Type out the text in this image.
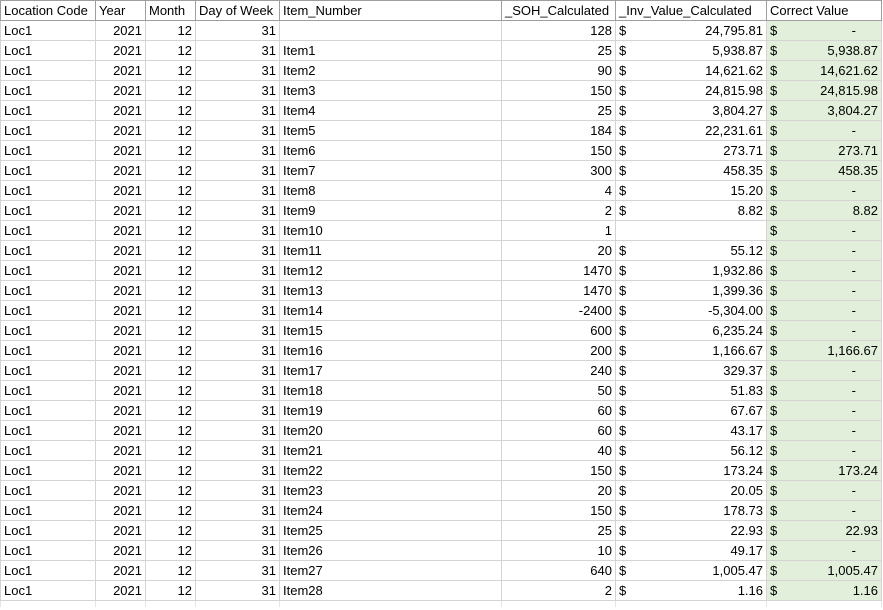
Location Code	Year	Month	Day of Week	Item_Number	_SOH_Calculated	_Inv_Value_Calculated	Correct Value
Loc1	2021	12	31		128	$ 24,795.81	$ -
Loc1	2021	12	31	Item1	25	$ 5,938.87	$ 5,938.87
Loc1	2021	12	31	Item2	90	$ 14,621.62	$ 14,621.62
Loc1	2021	12	31	Item3	150	$ 24,815.98	$ 24,815.98
Loc1	2021	12	31	Item4	25	$ 3,804.27	$ 3,804.27
Loc1	2021	12	31	Item5	184	$ 22,231.61	$ -
Loc1	2021	12	31	Item6	150	$ 273.71	$ 273.71
Loc1	2021	12	31	Item7	300	$ 458.35	$ 458.35
Loc1	2021	12	31	Item8	4	$ 15.20	$ -
Loc1	2021	12	31	Item9	2	$ 8.82	$ 8.82
Loc1	2021	12	31	Item10	1		$ -
Loc1	2021	12	31	Item11	20	$ 55.12	$ -
Loc1	2021	12	31	Item12	1470	$ 1,932.86	$ -
Loc1	2021	12	31	Item13	1470	$ 1,399.36	$ -
Loc1	2021	12	31	Item14	-2400	$ -5,304.00	$ -
Loc1	2021	12	31	Item15	600	$ 6,235.24	$ -
Loc1	2021	12	31	Item16	200	$ 1,166.67	$ 1,166.67
Loc1	2021	12	31	Item17	240	$ 329.37	$ -
Loc1	2021	12	31	Item18	50	$ 51.83	$ -
Loc1	2021	12	31	Item19	60	$ 67.67	$ -
Loc1	2021	12	31	Item20	60	$ 43.17	$ -
Loc1	2021	12	31	Item21	40	$ 56.12	$ -
Loc1	2021	12	31	Item22	150	$ 173.24	$ 173.24
Loc1	2021	12	31	Item23	20	$ 20.05	$ -
Loc1	2021	12	31	Item24	150	$ 178.73	$ -
Loc1	2021	12	31	Item25	25	$ 22.93	$ 22.93
Loc1	2021	12	31	Item26	10	$ 49.17	$ -
Loc1	2021	12	31	Item27	640	$ 1,005.47	$ 1,005.47
Loc1	2021	12	31	Item28	2	$ 1.16	$ 1.16
